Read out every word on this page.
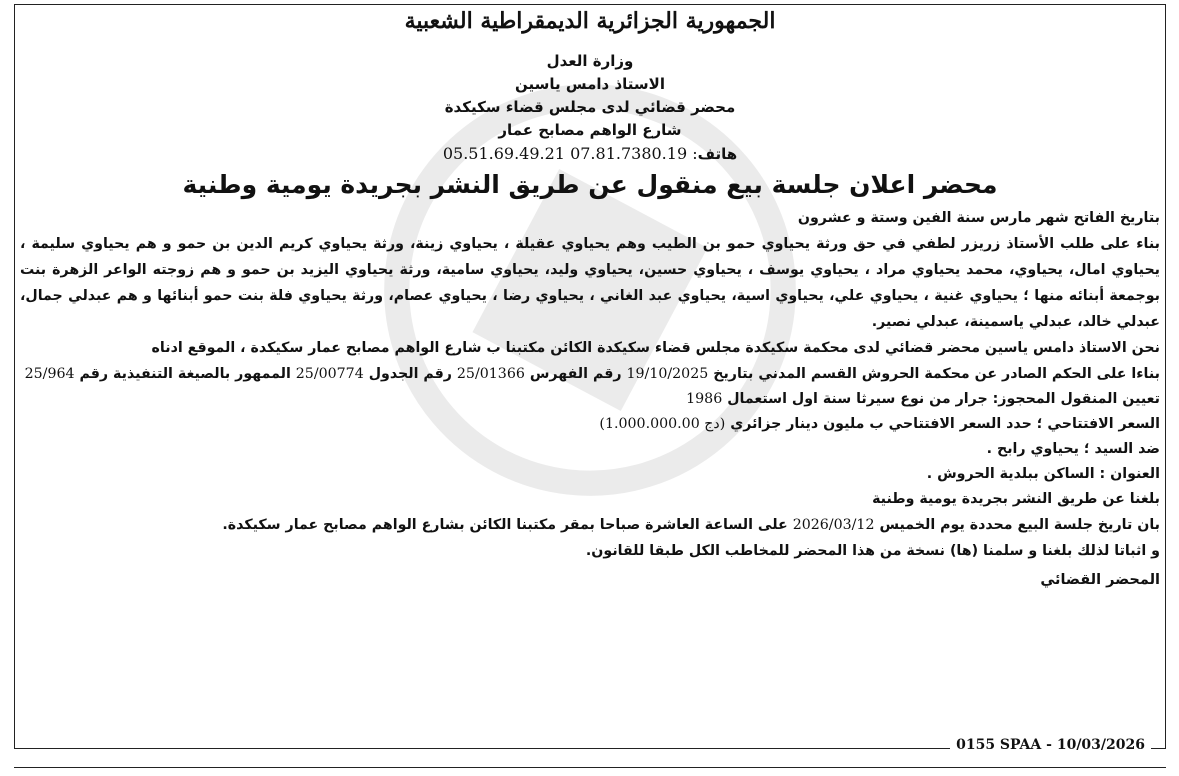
الجمهورية الجزائرية الديمقراطية الشعبية
وزارة العدل
الاستاذ دامس ياسين
محضر قضائي لدى مجلس قضاء سكيكدة
شارع الواهم مصابح عمار
هاتف05.51.69.49.21 07.81.7380.19 :
محضر اعلان جلسة بيع منقول عن طريق النشر بجريدة يومية وطنية

بتاريخ الفاتح شهر مارس سنة الفين وستة و عشرون

بناء على طلب الأستاذ زريزر لطفي في حق ورثة يحياوي حمو بن الطيب وهم يحياوي عقيلة ، يحياوي زينة، ورثة يحياوي كريم الدين بن حمو و هم يحياوي سليمة ، يحياوي امال، يحياوي، محمد يحياوي مراد ، يحياوي يوسف ، يحياوي حسين، يحياوي وليد، يحياوي سامية، ورثة يحياوي اليزيد بن حمو و هم زوجته الواعر الزهرة بنت بوجمعة أبنائه منها ؛ يحياوي غنية ، يحياوي علي، يحياوي اسية، يحياوي عبد الغاني ، يحياوي رضا ، يحياوي عصام، ورثة يحياوي فلة بنت حمو أبنائها و هم عبدلي جمال، عبدلي خالد، عبدلي ياسمينة، عبدلي نصير.

نحن الاستاذ دامس ياسين محضر قضائي لدى محكمة سكيكدة مجلس قضاء سكيكدة الكائن مكتبنا ب شارع الواهم مصابح عمار سكيكدة ، الموقع ادناه

بناءا على الحكم الصادر عن محكمة الحروش القسم المدني بتاريخ 19/10/2025 رقم الفهرس 25/01366 رقم الجدول 25/00774 الممهور بالصيغة التنفيذية رقم 25/964

تعيين المنقول المحجوز: جرار من نوع سيرثا سنة اول استعمال 1986

السعر الافتتاحي ؛ حدد السعر الافتتاحي ب مليون دينار جزائري (1.000.000.00 دج)

ضد السيد ؛ يحياوي رابح .

العنوان : الساكن ببلدية الحروش .

بلغنا عن طريق النشر بجريدة يومية وطنية

بان تاريخ جلسة البيع محددة يوم الخميس 2026/03/12 على الساعة العاشرة صباحا بمقر مكتبنا الكائن بشارع الواهم مصابح عمار سكيكدة.

و اثباتا لذلك بلغنا و سلمنا (ها) نسخة من هذا المحضر للمخاطب الكل طبقا للقانون.

المحضر القضائي
0155 SPAA - 10/03/2026
